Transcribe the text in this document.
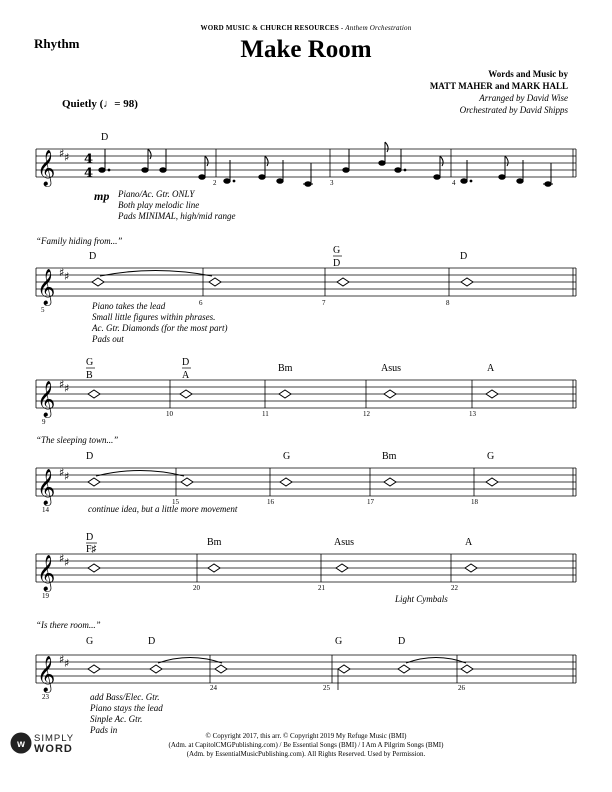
WORD MUSIC & CHURCH RESOURCES - Anthem Orchestration
Rhythm	Make Room
Words and Music by
MATT MAHER and MARK HALL
Arranged by David Wise
Orchestrated by David Shipps
Quietly (♩= 98)
𝄞 ♯ ♯ 4
4
D
2	3	4
mp Piano/Ac. Gtr. ONLY
Both play melodic line
Pads MINIMAL, high/mid range
“Family hiding from...”
𝄞 ♯ ♯
D
G
D
D
5
6	7	8
Piano takes the lead
Small little figures within phrases.
Ac. Gtr. Diamonds (for the most part)
Pads out
𝄞 ♯ ♯
G
B
D
A
Bm	Asus	A
9
10	11	12	13
“The sleeping town...”
𝄞 ♯ ♯
D	G	Bm	G
14
15	16	17	18
continue idea, but a little more movement
𝄞 ♯ ♯
D
F♯
Bm	Asus	A
19
20	21	22
Light Cymbals
“Is there room...”
𝄞 ♯ ♯
G	D	G	D
23
24	25	26
add Bass/Elec. Gtr.
Piano stays the lead
Sinple Ac. Gtr.
Pads in
© Copyright 2017, this arr. © Copyright 2019 My Refuge Music (BMI)
(Adm. at CapitolCMGPublishing.com) / Be Essential Songs (BMI) / I Am A Pilgrim Songs (BMI)
(Adm. by EssentialMusicPublishing.com). All Rights Reserved. Used by Permission.
w
SIMPLY
WORD
